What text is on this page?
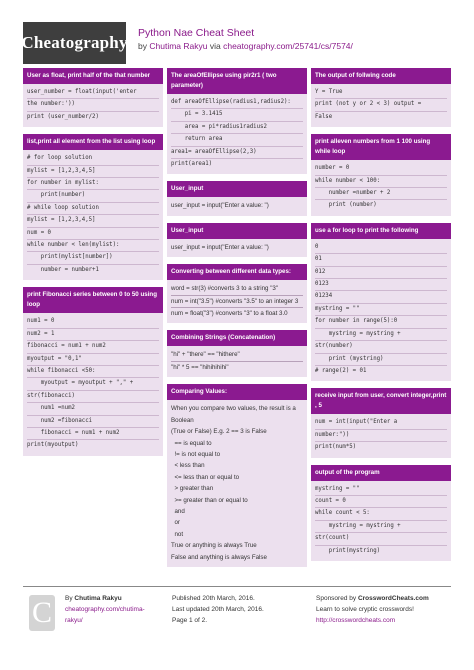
Cheatography Python Nae Cheat Sheet
by Chutima Rakyu via cheatography.com/25741/cs/7574/
User as float, print half of the that number
user_number = float(input('enter
the number:'))
print (user_number/2)
list,print all element from the list using loop
# for loop solution
mylist = [1,2,3,4,5]
for number in mylist:
print(number)
# while loop solution
mylist = [1,2,3,4,5]
num = 0
while number < len(mylist):
print(mylist[number])
number = number+1
print Fibonacci series between 0 to 50 using loop
num1 = 0
num2 = 1
fibonacci = num1 + num2
myoutput = "0,1"
while fibonacci <50:
myoutput = myoutput + "," +
str(fibonacci)
num1 =num2
num2 =fibonacci
fibonacci = num1 + num2
print(myoutput)
The areaOfEllipse using pir2r1 ( two parameter)
def areaOfEllipse(radius1,radius2):
pi = 3.1415
area = pi*radius1radius2
return area
area1= areaOfEllipse(2,3)
print(area1)
User_input
user_input = input("Enter a value: ")
User_input
user_input = input("Enter a value: ")
Converting between different data types:
word = str(3) #converts 3 to a string "3"
num = int("3.5") #converts "3.5" to an integer 3
num = float("3") #converts "3" to a float 3.0
Combining Strings (Concatenation)
"hi" + "there" == "hithere"
"hi" * 5 == "hihihihihi"
Comparing Values:
When you compare two values, the result is a
Boolean
(True or False) E.g. 2 == 3 is False
== is equal to
!= is not equal to
< less than
<= less than or equal to
> greater than
>= greater than or equal to
and
or
not
True or anything is always True
False and anything is always False
The output of follwing code
Y = True
print (not y or 2 < 3) output =
False
print alleven numbers from 1 100 using while loop
number = 0
while number < 100:
number =number + 2
print (number)
use a for loop to print the following
0
01
012
0123
01234
mystring = ""
for number in range(5):0
mystring = mystring +
str(number)
print (mystring)
# range(2) = 01
receive input from user, convert integer,print , 5
num = int(input("Enter a
number:"))
print(num*5)
output of the program
mystring = ""
count = 0
while count < 5:
mystring = mystring +
str(count)
print(mystring)
C	By Chutima Rakyu
cheatography.com/chutima-
rakyu/
Published 20th March, 2016.
Last updated 20th March, 2016.
Page 1 of 2.
Sponsored by CrosswordCheats.com
Learn to solve cryptic crosswords!
http://crosswordcheats.com
